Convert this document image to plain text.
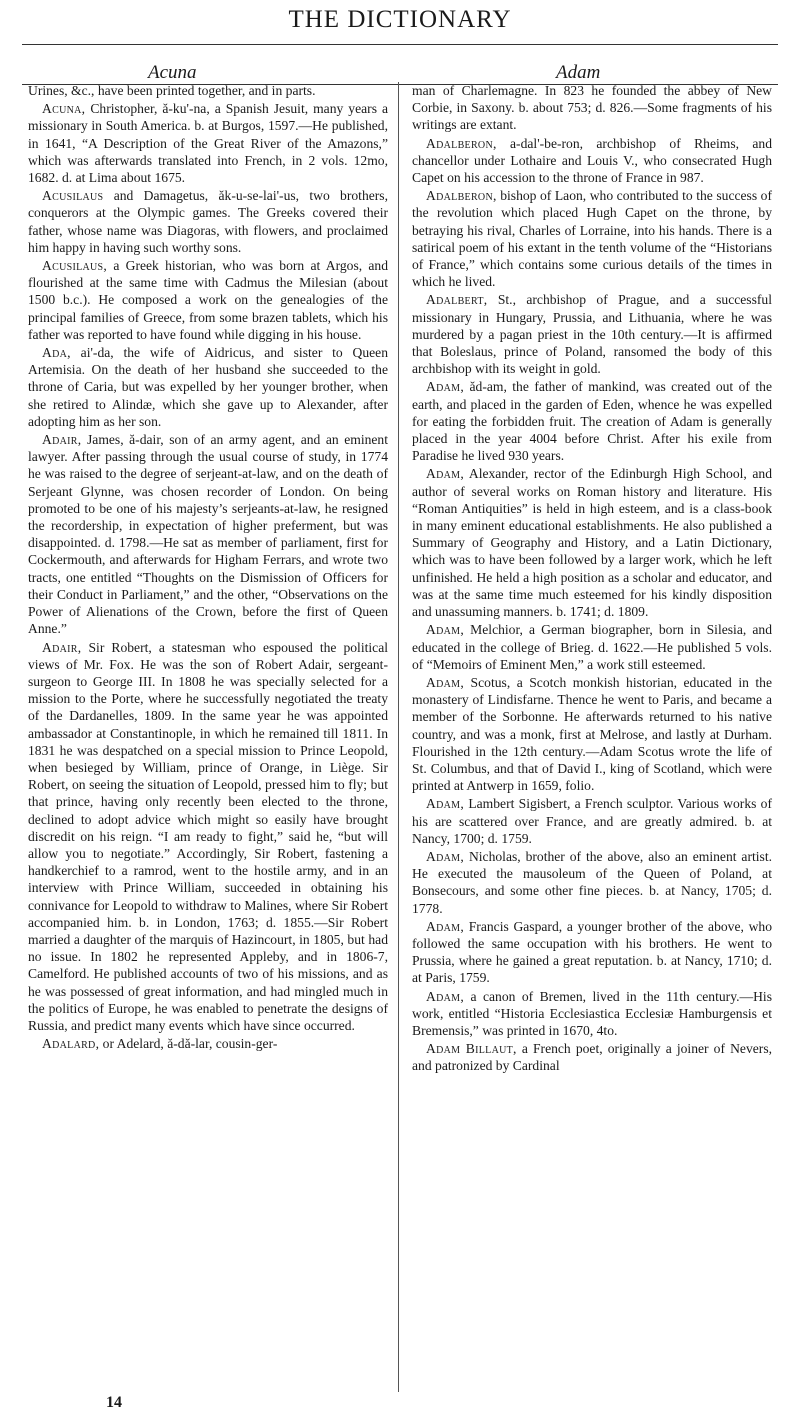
THE DICTIONARY
Acuna	Adam

Urines, &c., have been printed together, and in parts.

Acuna, Christopher, ă-ku'-na, a Spanish Jesuit, many years a missionary in South America. b. at Burgos, 1597.—He published, in 1641, “A Description of the Great River of the Amazons,” which was afterwards translated into French, in 2 vols. 12mo, 1682. d. at Lima about 1675.

Acusilaus and Damagetus, ăk-u-se-lai'-us, two brothers, conquerors at the Olympic games. The Greeks covered their father, whose name was Diagoras, with flowers, and proclaimed him happy in having such worthy sons.

Acusilaus, a Greek historian, who was born at Argos, and flourished at the same time with Cadmus the Milesian (about 1500 b.c.). He composed a work on the genealogies of the principal families of Greece, from some brazen tablets, which his father was reported to have found while digging in his house.

Ada, ai'-da, the wife of Aidricus, and sister to Queen Artemisia. On the death of her husband she succeeded to the throne of Caria, but was expelled by her younger brother, when she retired to Alindæ, which she gave up to Alexander, after adopting him as her son.

Adair, James, ă-dair, son of an army agent, and an eminent lawyer. After passing through the usual course of study, in 1774 he was raised to the degree of serjeant-at-law, and on the death of Serjeant Glynne, was chosen recorder of London. On being promoted to be one of his majesty’s serjeants-at-law, he resigned the recordership, in expectation of higher preferment, but was disappointed. d. 1798.—He sat as member of parliament, first for Cockermouth, and afterwards for Higham Ferrars, and wrote two tracts, one entitled “Thoughts on the Dismission of Officers for their Conduct in Parliament,” and the other, “Observations on the Power of Alienations of the Crown, before the first of Queen Anne.”

Adair, Sir Robert, a statesman who espoused the political views of Mr. Fox. He was the son of Robert Adair, sergeant-surgeon to George III. In 1808 he was specially selected for a mission to the Porte, where he successfully negotiated the treaty of the Dardanelles, 1809. In the same year he was appointed ambassador at Constantinople, in which he remained till 1811. In 1831 he was despatched on a special mission to Prince Leopold, when besieged by William, prince of Orange, in Liège. Sir Robert, on seeing the situation of Leopold, pressed him to fly; but that prince, having only recently been elected to the throne, declined to adopt advice which might so easily have brought discredit on his reign. “I am ready to fight,” said he, “but will allow you to negotiate.” Accordingly, Sir Robert, fastening a handkerchief to a ramrod, went to the hostile army, and in an interview with Prince William, succeeded in obtaining his connivance for Leopold to withdraw to Malines, where Sir Robert accompanied him. b. in London, 1763; d. 1855.—Sir Robert married a daughter of the marquis of Hazincourt, in 1805, but had no issue. In 1802 he represented Appleby, and in 1806-7, Camelford. He published accounts of two of his missions, and as he was possessed of great information, and had mingled much in the politics of Europe, he was enabled to penetrate the designs of Russia, and predict many events which have since occurred.

Adalard, or Adelard, ă-dă-lar, cousin-ger-

man of Charlemagne. In 823 he founded the abbey of New Corbie, in Saxony. b. about 753; d. 826.—Some fragments of his writings are extant.

Adalberon, a-dal'-be-ron, archbishop of Rheims, and chancellor under Lothaire and Louis V., who consecrated Hugh Capet on his accession to the throne of France in 987.

Adalberon, bishop of Laon, who contributed to the success of the revolution which placed Hugh Capet on the throne, by betraying his rival, Charles of Lorraine, into his hands. There is a satirical poem of his extant in the tenth volume of the “Historians of France,” which contains some curious details of the times in which he lived.

Adalbert, St., archbishop of Prague, and a successful missionary in Hungary, Prussia, and Lithuania, where he was murdered by a pagan priest in the 10th century.—It is affirmed that Boleslaus, prince of Poland, ransomed the body of this archbishop with its weight in gold.

Adam, ăd-am, the father of mankind, was created out of the earth, and placed in the garden of Eden, whence he was expelled for eating the forbidden fruit. The creation of Adam is generally placed in the year 4004 before Christ. After his exile from Paradise he lived 930 years.

Adam, Alexander, rector of the Edinburgh High School, and author of several works on Roman history and literature. His “Roman Antiquities” is held in high esteem, and is a class-book in many eminent educational establishments. He also published a Summary of Geography and History, and a Latin Dictionary, which was to have been followed by a larger work, which he left unfinished. He held a high position as a scholar and educator, and was at the same time much esteemed for his kindly disposition and unassuming manners. b. 1741; d. 1809.

Adam, Melchior, a German biographer, born in Silesia, and educated in the college of Brieg. d. 1622.—He published 5 vols. of “Memoirs of Eminent Men,” a work still esteemed.

Adam, Scotus, a Scotch monkish historian, educated in the monastery of Lindisfarne. Thence he went to Paris, and became a member of the Sorbonne. He afterwards returned to his native country, and was a monk, first at Melrose, and lastly at Durham. Flourished in the 12th century.—Adam Scotus wrote the life of St. Columbus, and that of David I., king of Scotland, which were printed at Antwerp in 1659, folio.

Adam, Lambert Sigisbert, a French sculptor. Various works of his are scattered over France, and are greatly admired. b. at Nancy, 1700; d. 1759.

Adam, Nicholas, brother of the above, also an eminent artist. He executed the mausoleum of the Queen of Poland, at Bonsecours, and some other fine pieces. b. at Nancy, 1705; d. 1778.

Adam, Francis Gaspard, a younger brother of the above, who followed the same occupation with his brothers. He went to Prussia, where he gained a great reputation. b. at Nancy, 1710; d. at Paris, 1759.

Adam, a canon of Bremen, lived in the 11th century.—His work, entitled “Historia Ecclesiastica Ecclesiæ Hamburgensis et Bremensis,” was printed in 1670, 4to.

Adam Billaut, a French poet, originally a joiner of Nevers, and patronized by Cardinal

14
